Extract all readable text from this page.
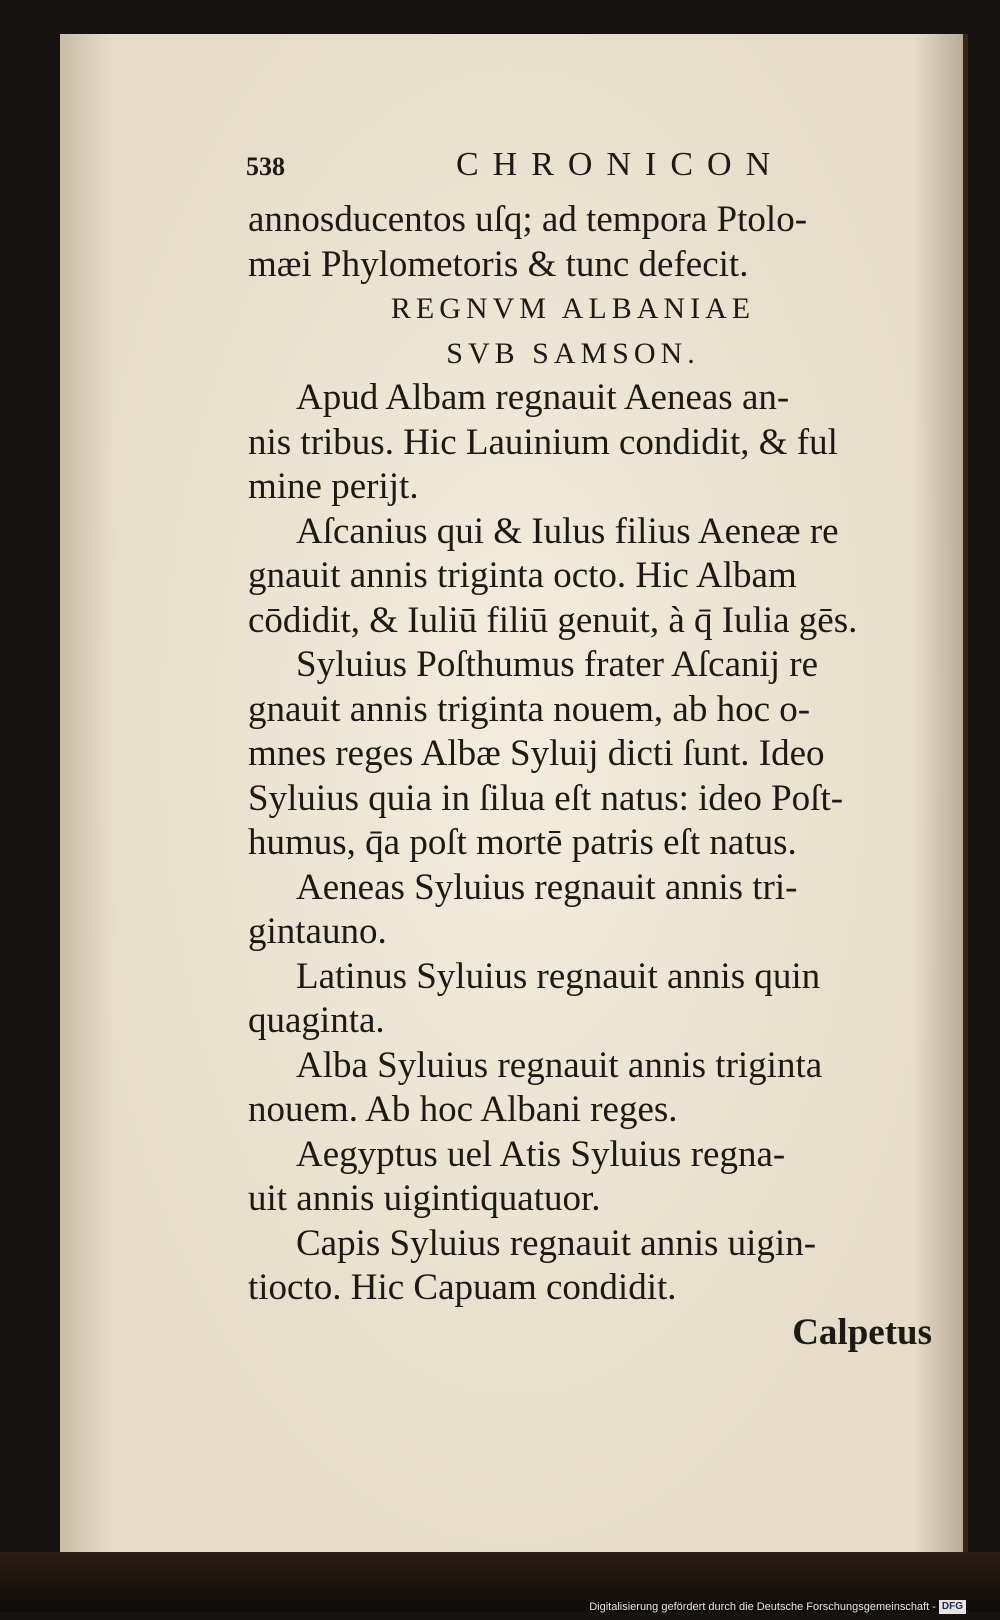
538	CHRONICON
annosducentos uſq; ad tempora Ptolo-
mæi Phylometoris & tunc defecit.
REGNVM ALBANIAE
SVB SAMSON.
Apud Albam regnauit Aeneas an-
nis tribus. Hic Lauinium condidit, & ful
mine perijt.
Aſcanius qui & Iulus filius Aeneæ re
gnauit annis triginta octo. Hic Albam
cōdidit, & Iuliū filiū genuit, à q̄ Iulia gēs.
Syluius Poſthumus frater Aſcanij re
gnauit annis triginta nouem, ab hoc o-
mnes reges Albæ Syluij dicti ſunt. Ideo
Syluius quia in ſilua eſt natus: ideo Poſt-
humus, q̄a poſt mortē patris eſt natus.
Aeneas Syluius regnauit annis tri-
gintauno.
Latinus Syluius regnauit annis quin
quaginta.
Alba Syluius regnauit annis triginta
nouem. Ab hoc Albani reges.
Aegyptus uel Atis Syluius regna-
uit annis uigintiquatuor.
Capis Syluius regnauit annis uigin-
tiocto. Hic Capuam condidit.
Calpetus
Digitalisierung gefördert durch die Deutsche Forschungsgemeinschaft - DFG
